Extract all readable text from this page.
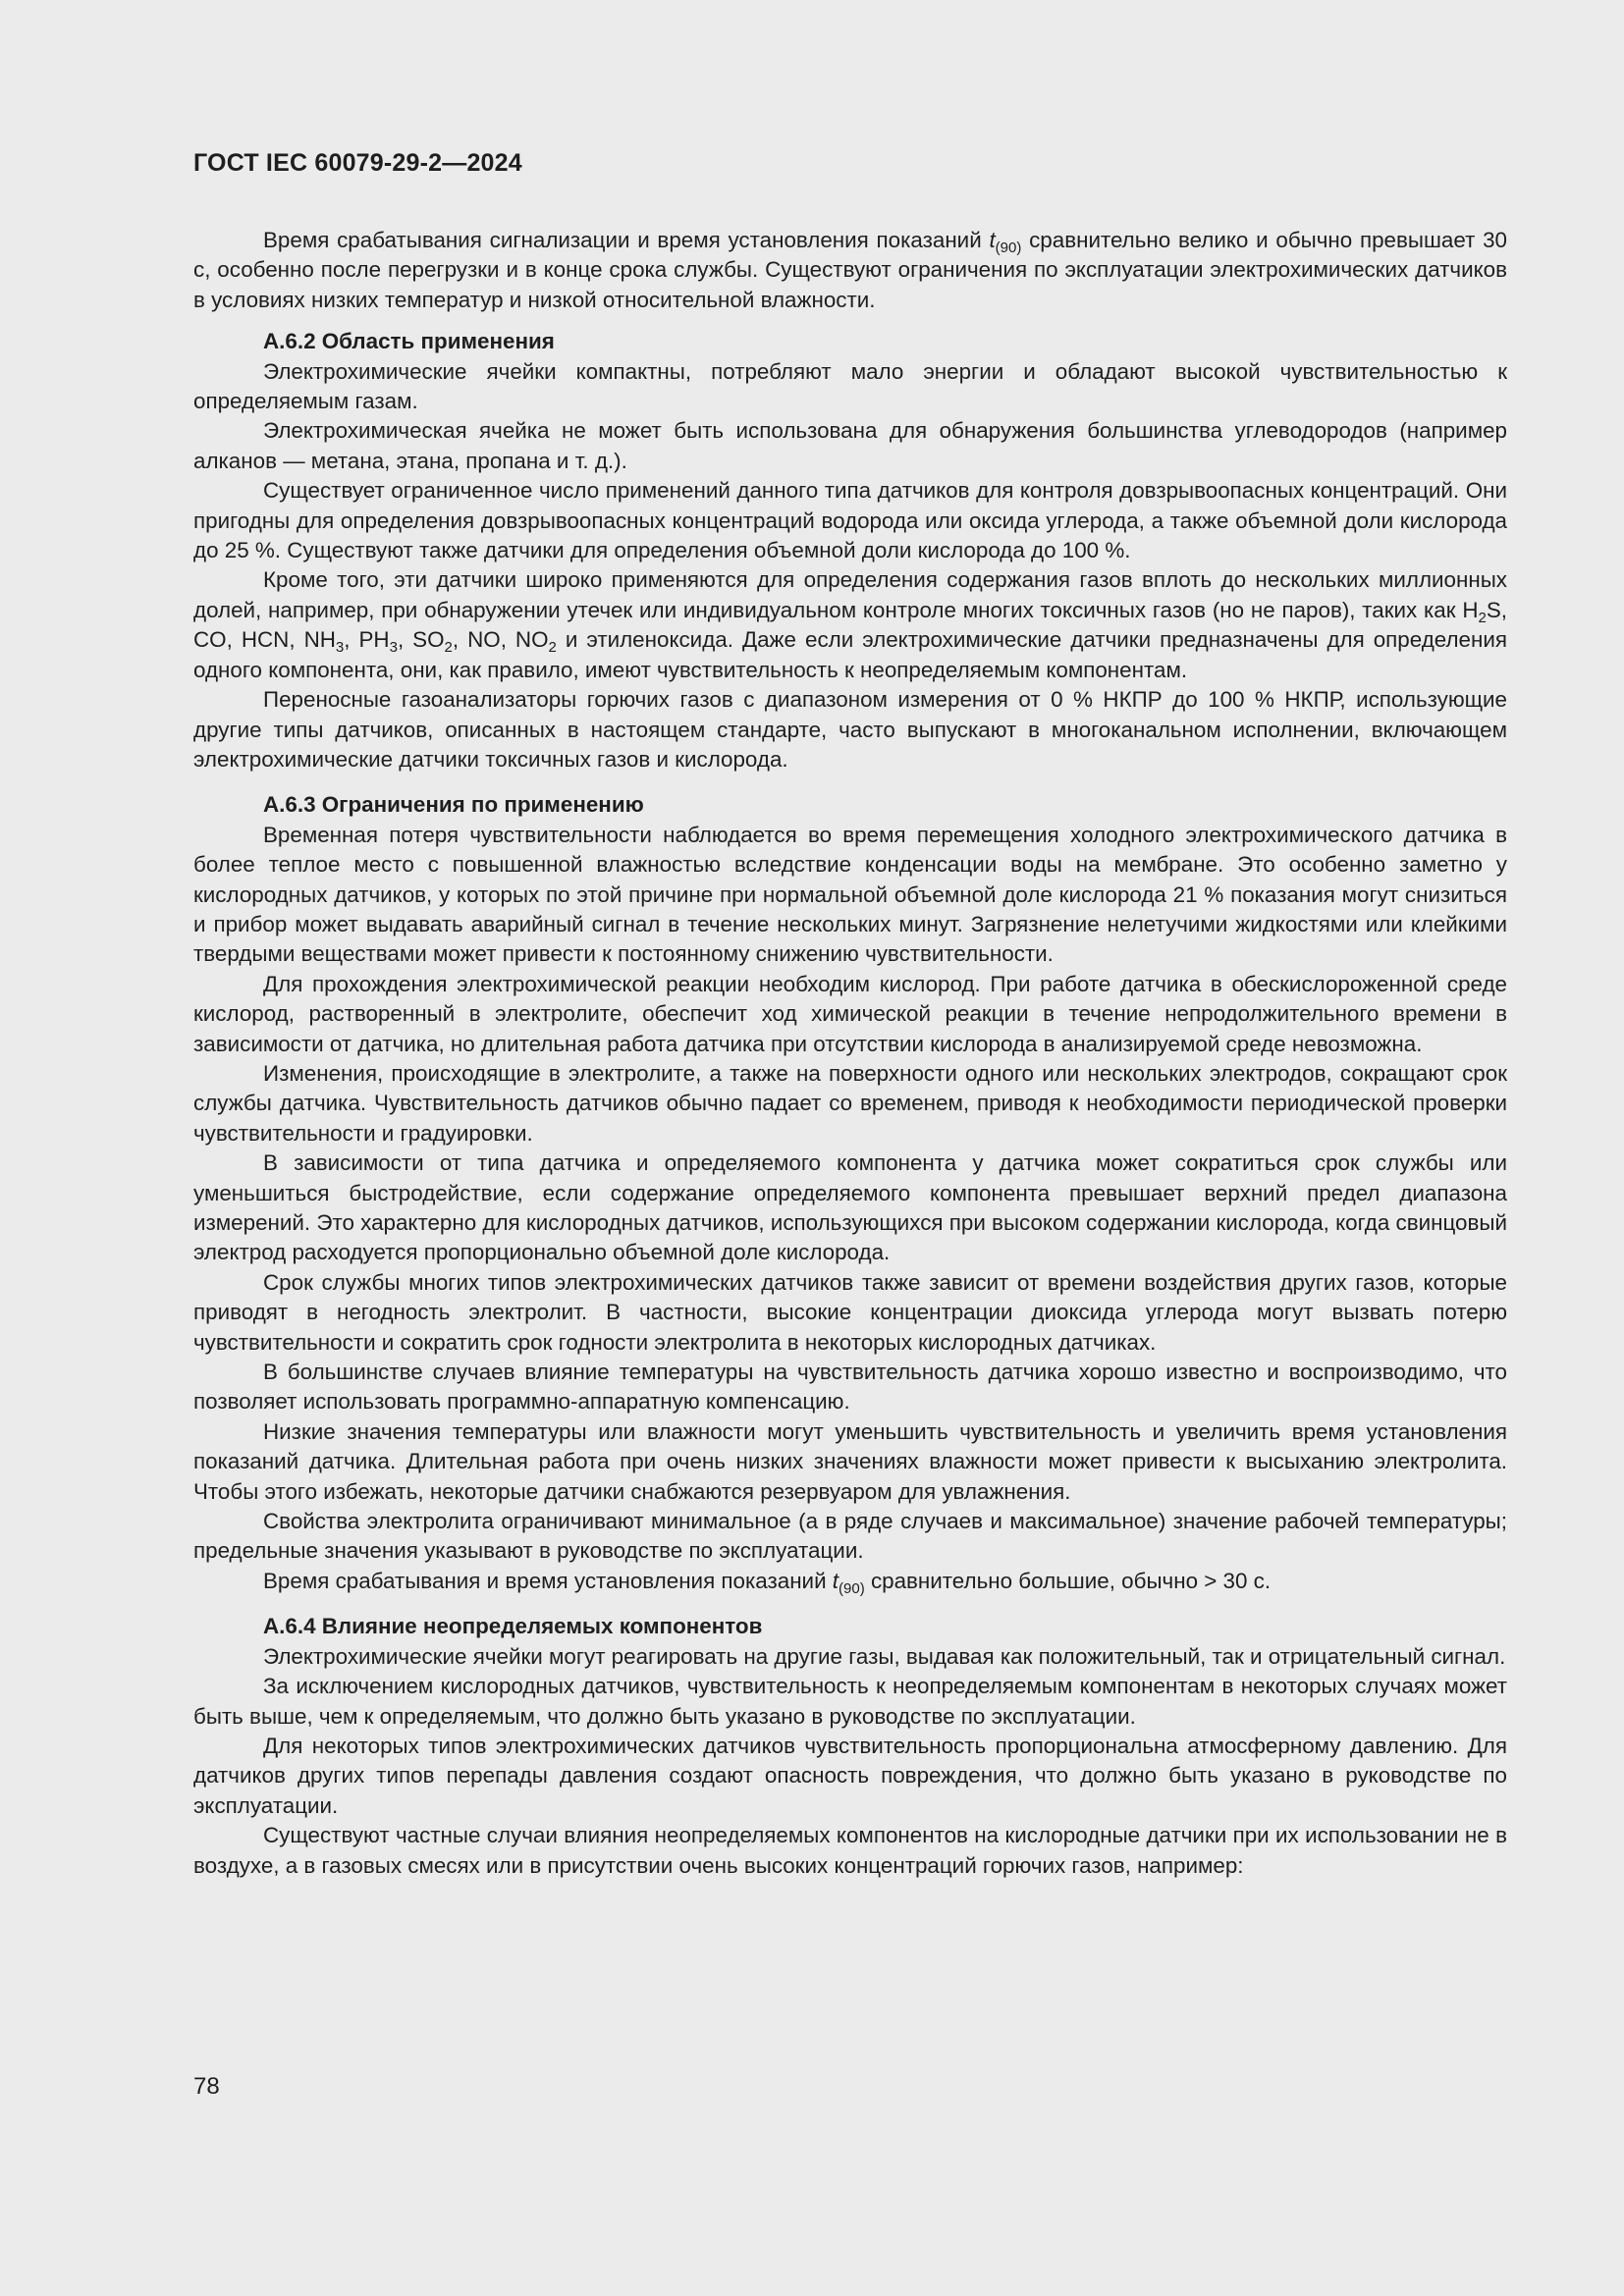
ГОСТ IEC 60079-29-2—2024

Время срабатывания сигнализации и время установления показаний $t_{(90)}$ сравнительно велико и обычно превышает 30 с, особенно после перегрузки и в конце срока службы. Существуют ограничения по эксплуатации электрохимических датчиков в условиях низких температур и низкой относительной влажности.

А.6.2 Область применения

Электрохимические ячейки компактны, потребляют мало энергии и обладают высокой чувствительностью к определяемым газам.

Электрохимическая ячейка не может быть использована для обнаружения большинства углеводородов (например алканов — метана, этана, пропана и т. д.).

Существует ограниченное число применений данного типа датчиков для контроля довзрывоопасных концентраций. Они пригодны для определения довзрывоопасных концентраций водорода или оксида углерода, а также объемной доли кислорода до 25 %. Существуют также датчики для определения объемной доли кислорода до 100 %.

Кроме того, эти датчики широко применяются для определения содержания газов вплоть до нескольких миллионных долей, например, при обнаружении утечек или индивидуальном контроле многих токсичных газов (но не паров), таких как $H_2S$, CO, HCN, $NH_3$, $PH_3$, $SO_2$, NO, $NO_2$ и этиленоксида. Даже если электрохимические датчики предназначены для определения одного компонента, они, как правило, имеют чувствительность к неопределяемым компонентам.

Переносные газоанализаторы горючих газов с диапазоном измерения от 0 % НКПР до 100 % НКПР, использующие другие типы датчиков, описанных в настоящем стандарте, часто выпускают в многоканальном исполнении, включающем электрохимические датчики токсичных газов и кислорода.

А.6.3 Ограничения по применению

Временная потеря чувствительности наблюдается во время перемещения холодного электрохимического датчика в более теплое место с повышенной влажностью вследствие конденсации воды на мембране. Это особенно заметно у кислородных датчиков, у которых по этой причине при нормальной объемной доле кислорода 21 % показания могут снизиться и прибор может выдавать аварийный сигнал в течение нескольких минут. Загрязнение нелетучими жидкостями или клейкими твердыми веществами может привести к постоянному снижению чувствительности.

Для прохождения электрохимической реакции необходим кислород. При работе датчика в обескислороженной среде кислород, растворенный в электролите, обеспечит ход химической реакции в течение непродолжительного времени в зависимости от датчика, но длительная работа датчика при отсутствии кислорода в анализируемой среде невозможна.

Изменения, происходящие в электролите, а также на поверхности одного или нескольких электродов, сокращают срок службы датчика. Чувствительность датчиков обычно падает со временем, приводя к необходимости периодической проверки чувствительности и градуировки.

В зависимости от типа датчика и определяемого компонента у датчика может сократиться срок службы или уменьшиться быстродействие, если содержание определяемого компонента превышает верхний предел диапазона измерений. Это характерно для кислородных датчиков, использующихся при высоком содержании кислорода, когда свинцовый электрод расходуется пропорционально объемной доле кислорода.

Срок службы многих типов электрохимических датчиков также зависит от времени воздействия других газов, которые приводят в негодность электролит. В частности, высокие концентрации диоксида углерода могут вызвать потерю чувствительности и сократить срок годности электролита в некоторых кислородных датчиках.

В большинстве случаев влияние температуры на чувствительность датчика хорошо известно и воспроизводимо, что позволяет использовать программно-аппаратную компенсацию.

Низкие значения температуры или влажности могут уменьшить чувствительность и увеличить время установления показаний датчика. Длительная работа при очень низких значениях влажности может привести к высыханию электролита. Чтобы этого избежать, некоторые датчики снабжаются резервуаром для увлажнения.

Свойства электролита ограничивают минимальное (а в ряде случаев и максимальное) значение рабочей температуры; предельные значения указывают в руководстве по эксплуатации.

Время срабатывания и время установления показаний $t_{(90)}$ сравнительно большие, обычно > 30 с.

А.6.4 Влияние неопределяемых компонентов

Электрохимические ячейки могут реагировать на другие газы, выдавая как положительный, так и отрицательный сигнал.

За исключением кислородных датчиков, чувствительность к неопределяемым компонентам в некоторых случаях может быть выше, чем к определяемым, что должно быть указано в руководстве по эксплуатации.

Для некоторых типов электрохимических датчиков чувствительность пропорциональна атмосферному давлению. Для датчиков других типов перепады давления создают опасность повреждения, что должно быть указано в руководстве по эксплуатации.

Существуют частные случаи влияния неопределяемых компонентов на кислородные датчики при их использовании не в воздухе, а в газовых смесях или в присутствии очень высоких концентраций горючих газов, например:

78
